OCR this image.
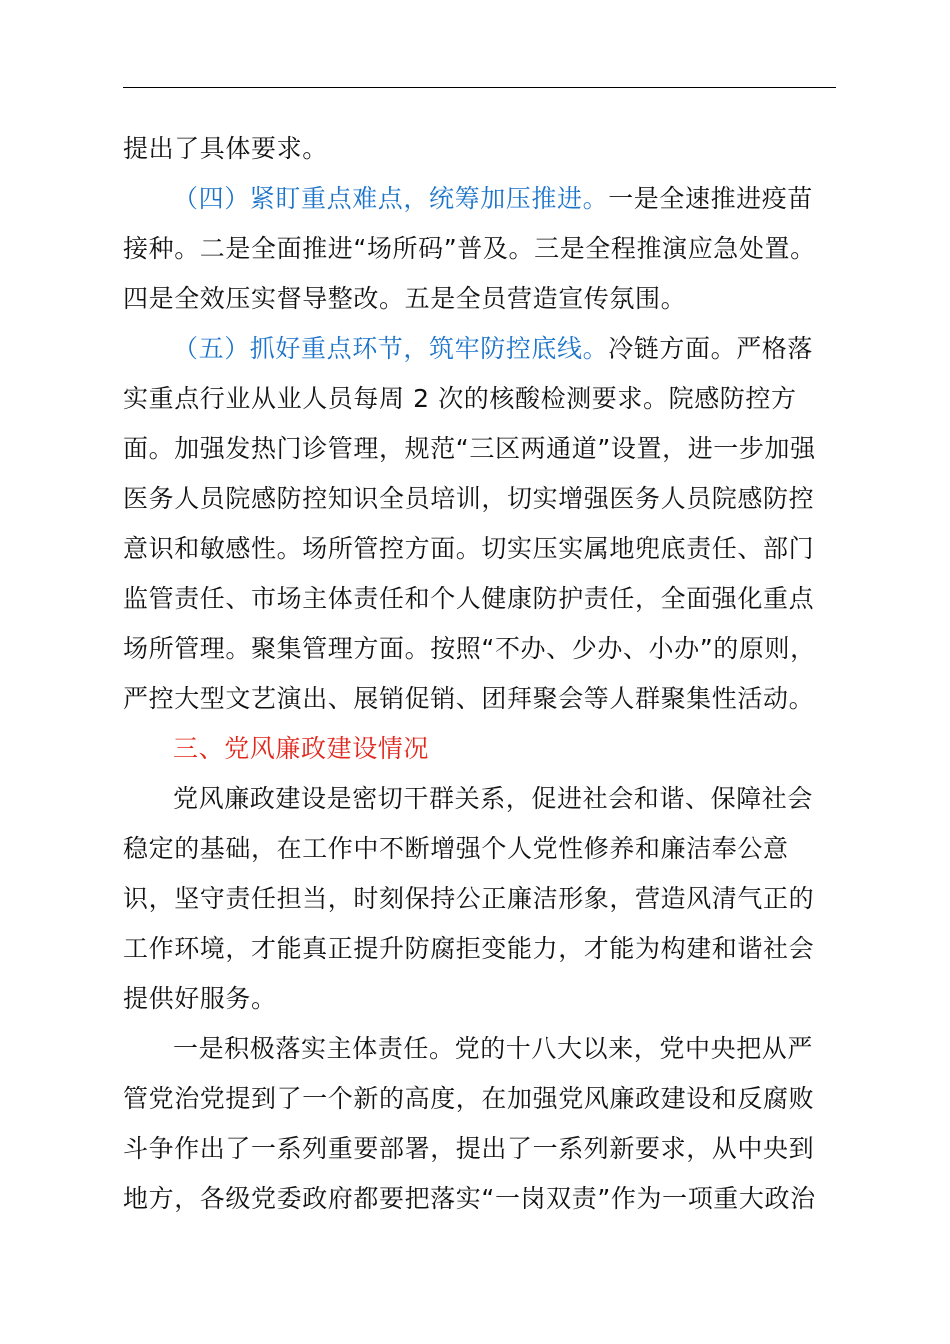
提出了具体要求。

（四）紧盯重点难点，统筹加压推进。一是全速推进疫苗接种。二是全面推进“场所码”普及。三是全程推演应急处置。四是全效压实督导整改。五是全员营造宣传氛围。

（五）抓好重点环节，筑牢防控底线。冷链方面。严格落实重点行业从业人员每周 2 次的核酸检测要求。院感防控方面。加强发热门诊管理，规范“三区两通道”设置，进一步加强医务人员院感防控知识全员培训，切实增强医务人员院感防控意识和敏感性。场所管控方面。切实压实属地兜底责任、部门监管责任、市场主体责任和个人健康防护责任，全面强化重点场所管理。聚集管理方面。按照“不办、少办、小办”的原则，严控大型文艺演出、展销促销、团拜聚会等人群聚集性活动。

三、党风廉政建设情况

党风廉政建设是密切干群关系，促进社会和谐、保障社会稳定的基础，在工作中不断增强个人党性修养和廉洁奉公意识，坚守责任担当，时刻保持公正廉洁形象，营造风清气正的工作环境，才能真正提升防腐拒变能力，才能为构建和谐社会提供好服务。

一是积极落实主体责任。党的十八大以来，党中央把从严管党治党提到了一个新的高度，在加强党风廉政建设和反腐败斗争作出了一系列重要部署，提出了一系列新要求，从中央到地方，各级党委政府都要把落实“一岗双责”作为一项重大政治
